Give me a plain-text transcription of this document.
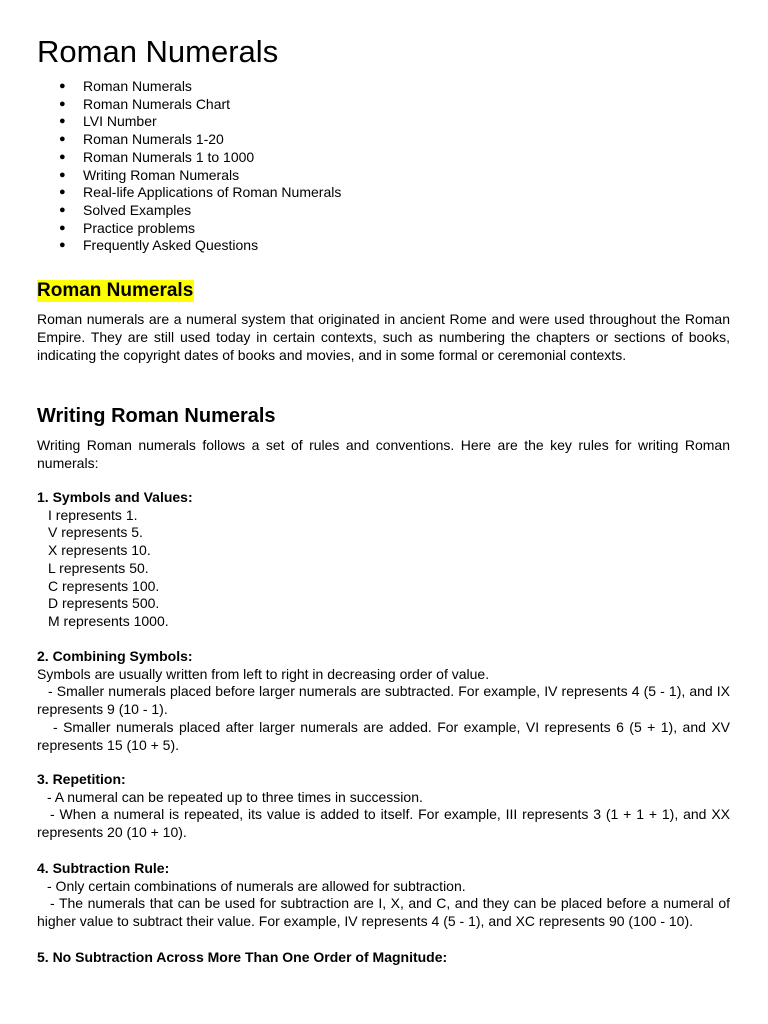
Roman Numerals
● Roman Numerals
● Roman Numerals Chart
● LVI Number
● Roman Numerals 1-20
● Roman Numerals 1 to 1000
● Writing Roman Numerals
● Real-life Applications of Roman Numerals
● Solved Examples
● Practice problems
● Frequently Asked Questions
Roman Numerals

Roman numerals are a numeral system that originated in ancient Rome and were used throughout the Roman Empire. They are still used today in certain contexts, such as numbering the chapters or sections of books, indicating the copyright dates of books and movies, and in some formal or ceremonial contexts.

Writing Roman Numerals

Writing Roman numerals follows a set of rules and conventions. Here are the key rules for writing Roman numerals:

1. Symbols and Values:

I represents 1.

V represents 5.

X represents 10.

L represents 50.

C represents 100.

D represents 500.

M represents 1000.

2. Combining Symbols:

Symbols are usually written from left to right in decreasing order of value.

- Smaller numerals placed before larger numerals are subtracted. For example, IV represents 4 (5 - 1), and IX represents 9 (10 - 1).

- Smaller numerals placed after larger numerals are added. For example, VI represents 6 (5 + 1), and XV represents 15 (10 + 5).

3. Repetition:

- A numeral can be repeated up to three times in succession.

- When a numeral is repeated, its value is added to itself. For example, III represents 3 (1 + 1 + 1), and XX represents 20 (10 + 10).

4. Subtraction Rule:

- Only certain combinations of numerals are allowed for subtraction.

- The numerals that can be used for subtraction are I, X, and C, and they can be placed before a numeral of higher value to subtract their value. For example, IV represents 4 (5 - 1), and XC represents 90 (100 - 10).

5. No Subtraction Across More Than One Order of Magnitude:
